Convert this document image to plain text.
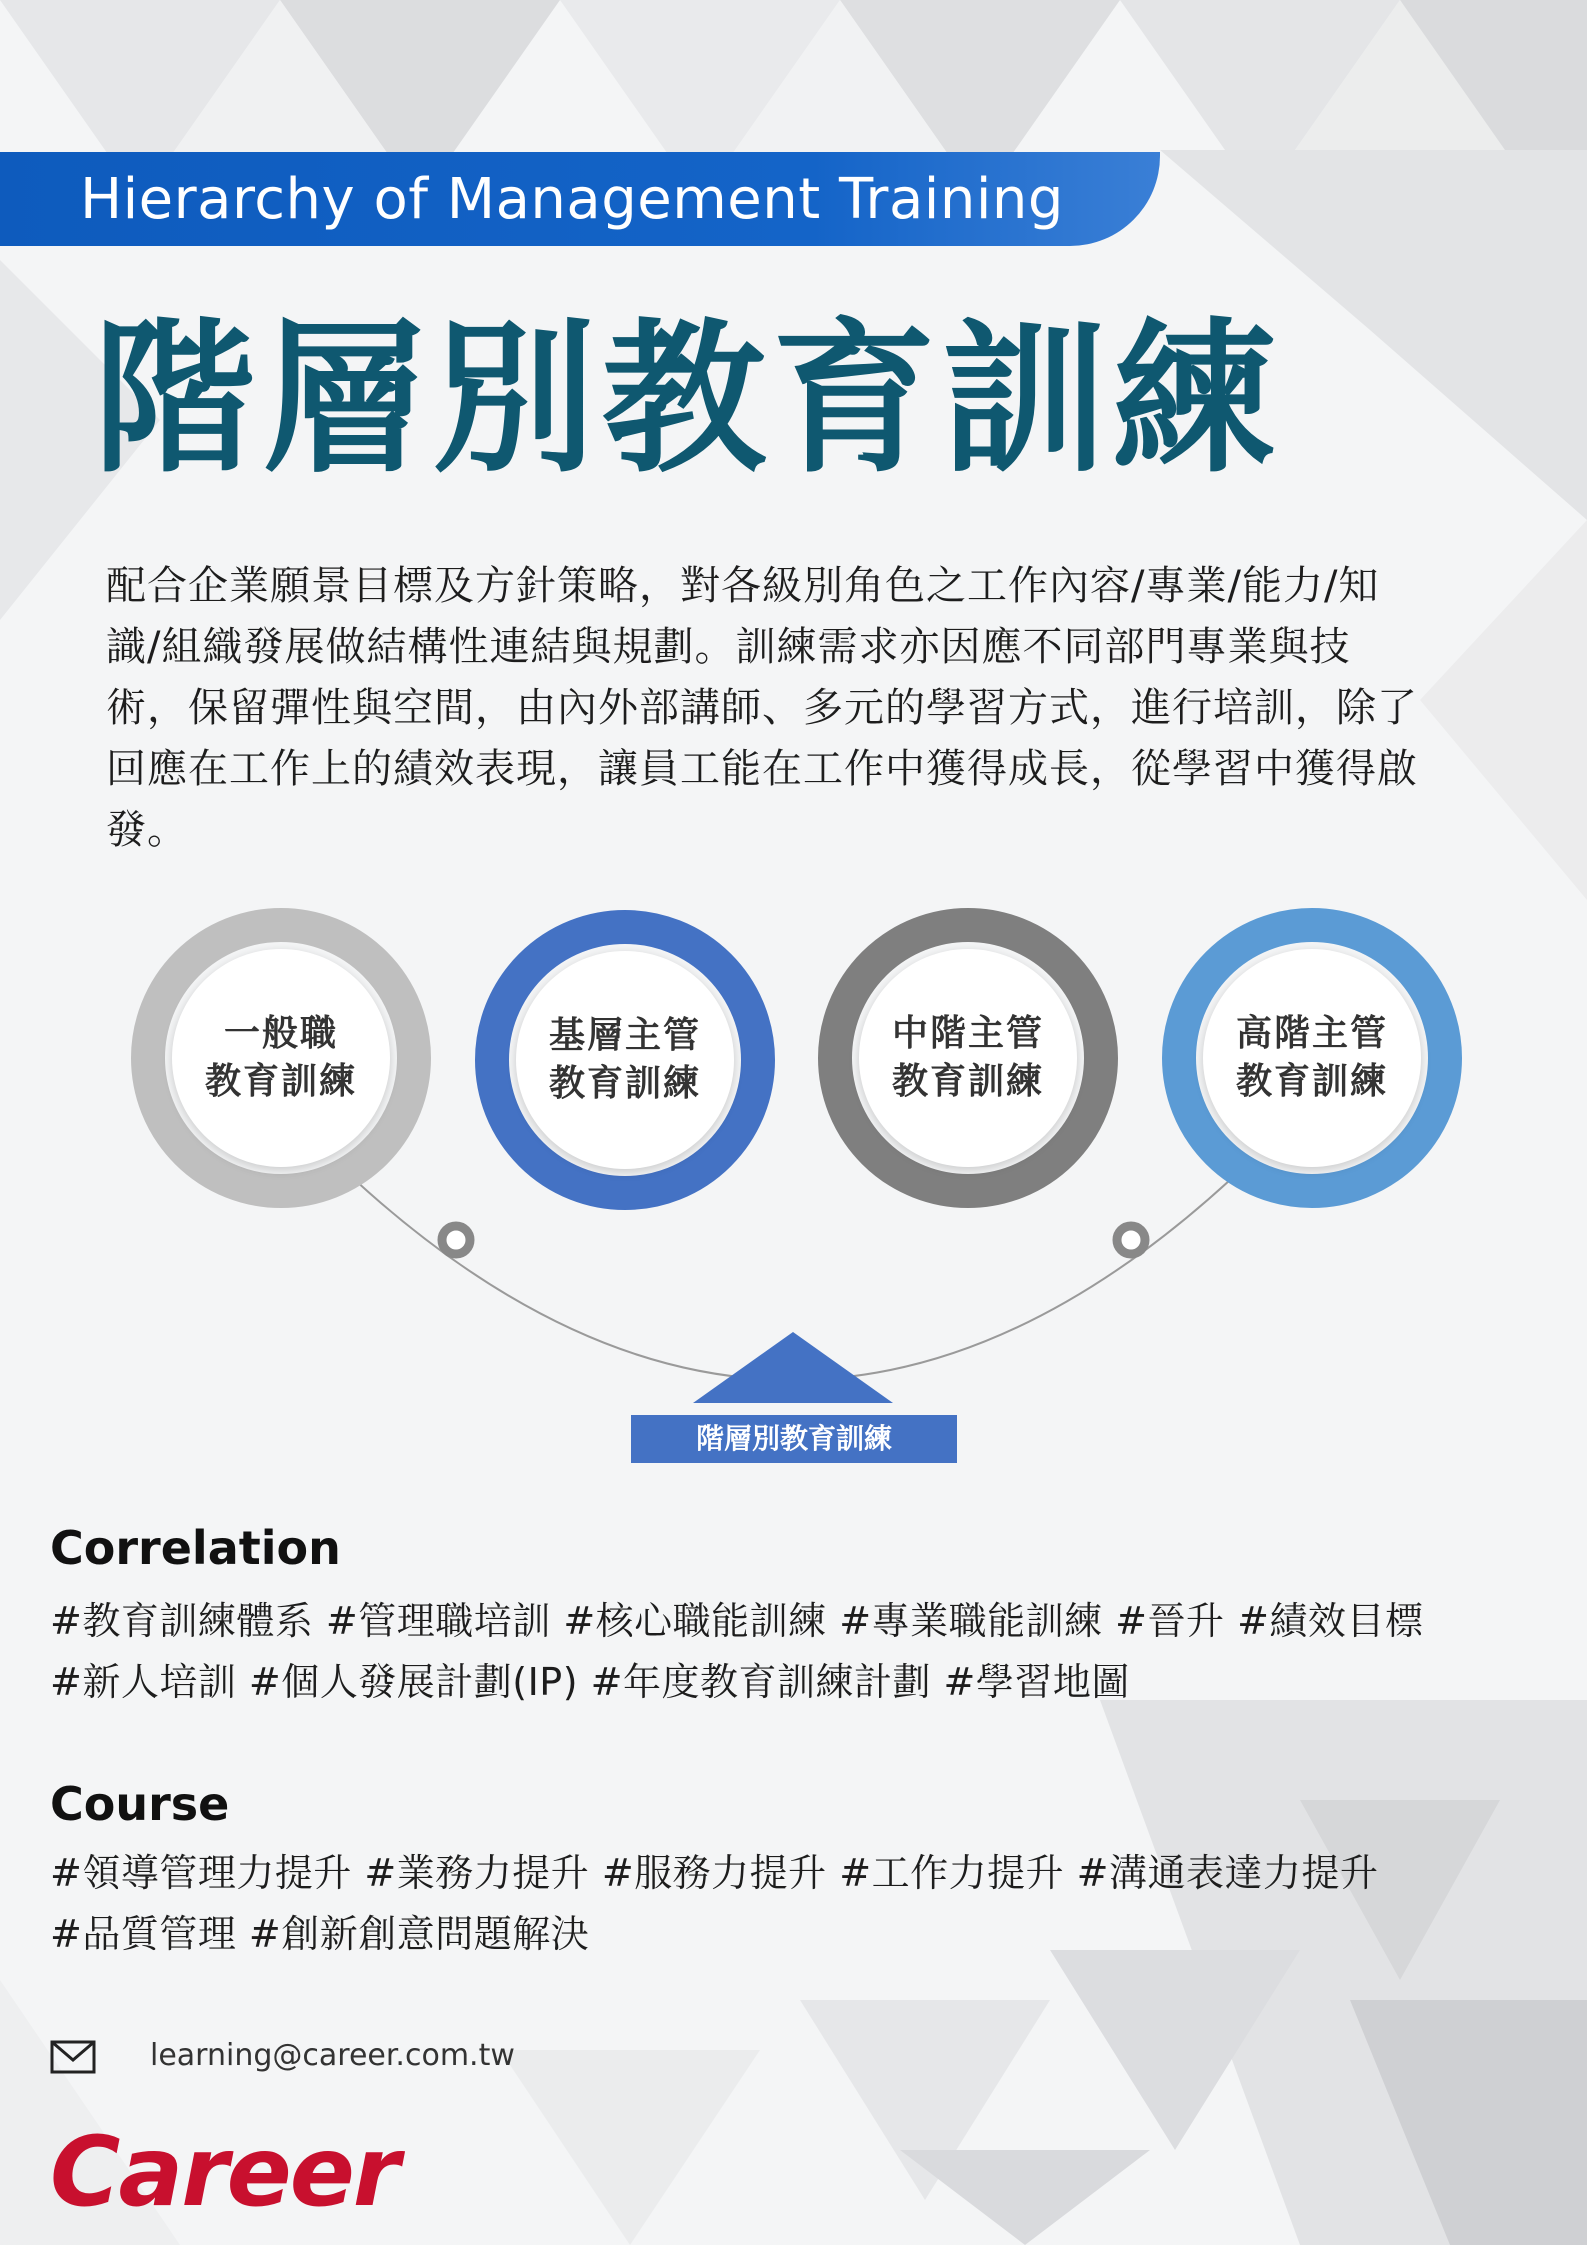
Hierarchy of Management Training
階層別教育訓練
配合企業願景目標及方針策略，對各級別角色之工作內容/專業/能力/知
識/組織發展做結構性連結與規劃。訓練需求亦因應不同部門專業與技
術，保留彈性與空間，由內外部講師、多元的學習方式，進行培訓，除了
回應在工作上的績效表現，讓員工能在工作中獲得成長，從學習中獲得啟
發。
一般職
教育訓練
基層主管
教育訓練
中階主管
教育訓練
高階主管
教育訓練
階層別教育訓練
Correlation
#教育訓練體系 #管理職培訓 #核心職能訓練 #專業職能訓練 #晉升 #績效目標
#新人培訓 #個人發展計劃(IP) #年度教育訓練計劃 #學習地圖
Course
#領導管理力提升 #業務力提升 #服務力提升 #工作力提升 #溝通表達力提升
#品質管理 #創新創意問題解決
learning@career.com.tw
Career
